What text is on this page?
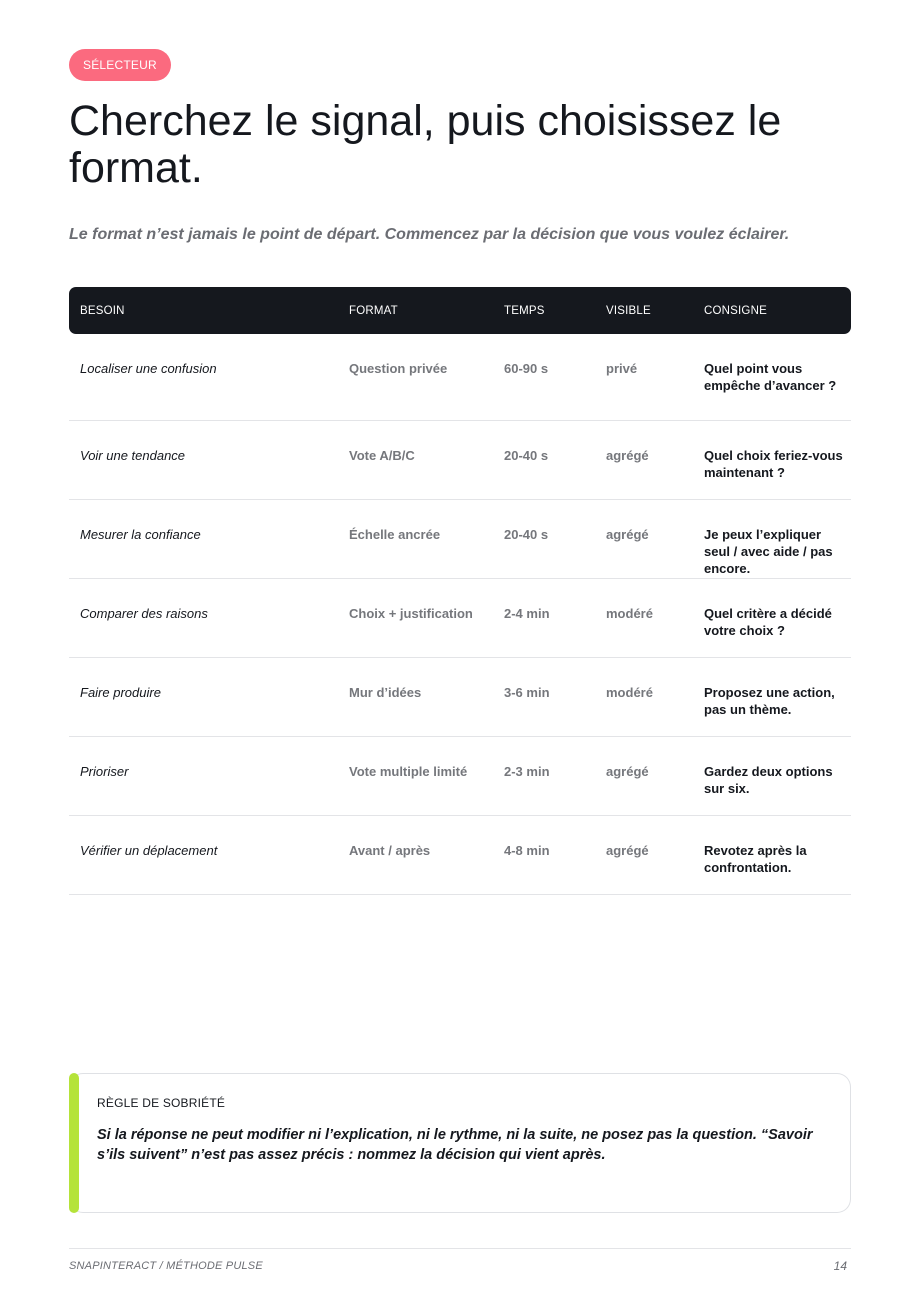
SÉLECTEUR
Cherchez le signal, puis choisissez le format.

Le format n’est jamais le point de départ. Commencez par la décision que vous voulez éclairer.

BESOIN	FORMAT	TEMPS	VISIBLE	CONSIGNE
Localiser une confusion	Question privée	60-90 s	privé	Quel point vous empêche d’avancer ?
Voir une tendance	Vote A/B/C	20-40 s	agrégé	Quel choix feriez-vous maintenant ?
Mesurer la confiance	Échelle ancrée	20-40 s	agrégé	Je peux l’expliquer seul / avec aide / pas encore.
Comparer des raisons	Choix + justification	2-4 min	modéré	Quel critère a décidé votre choix ?
Faire produire	Mur d’idées	3-6 min	modéré	Proposez une action, pas un thème.
Prioriser	Vote multiple limité	2-3 min	agrégé	Gardez deux options sur six.
Vérifier un déplacement	Avant / après	4-8 min	agrégé	Revotez après la confrontation.
RÈGLE DE SOBRIÉTÉ
Si la réponse ne peut modifier ni l’explication, ni le rythme, ni la suite, ne posez pas la question. “Savoir s’ils suivent” n’est pas assez précis : nommez la décision qui vient après.
SNAPINTERACT / MÉTHODE PULSE	14
